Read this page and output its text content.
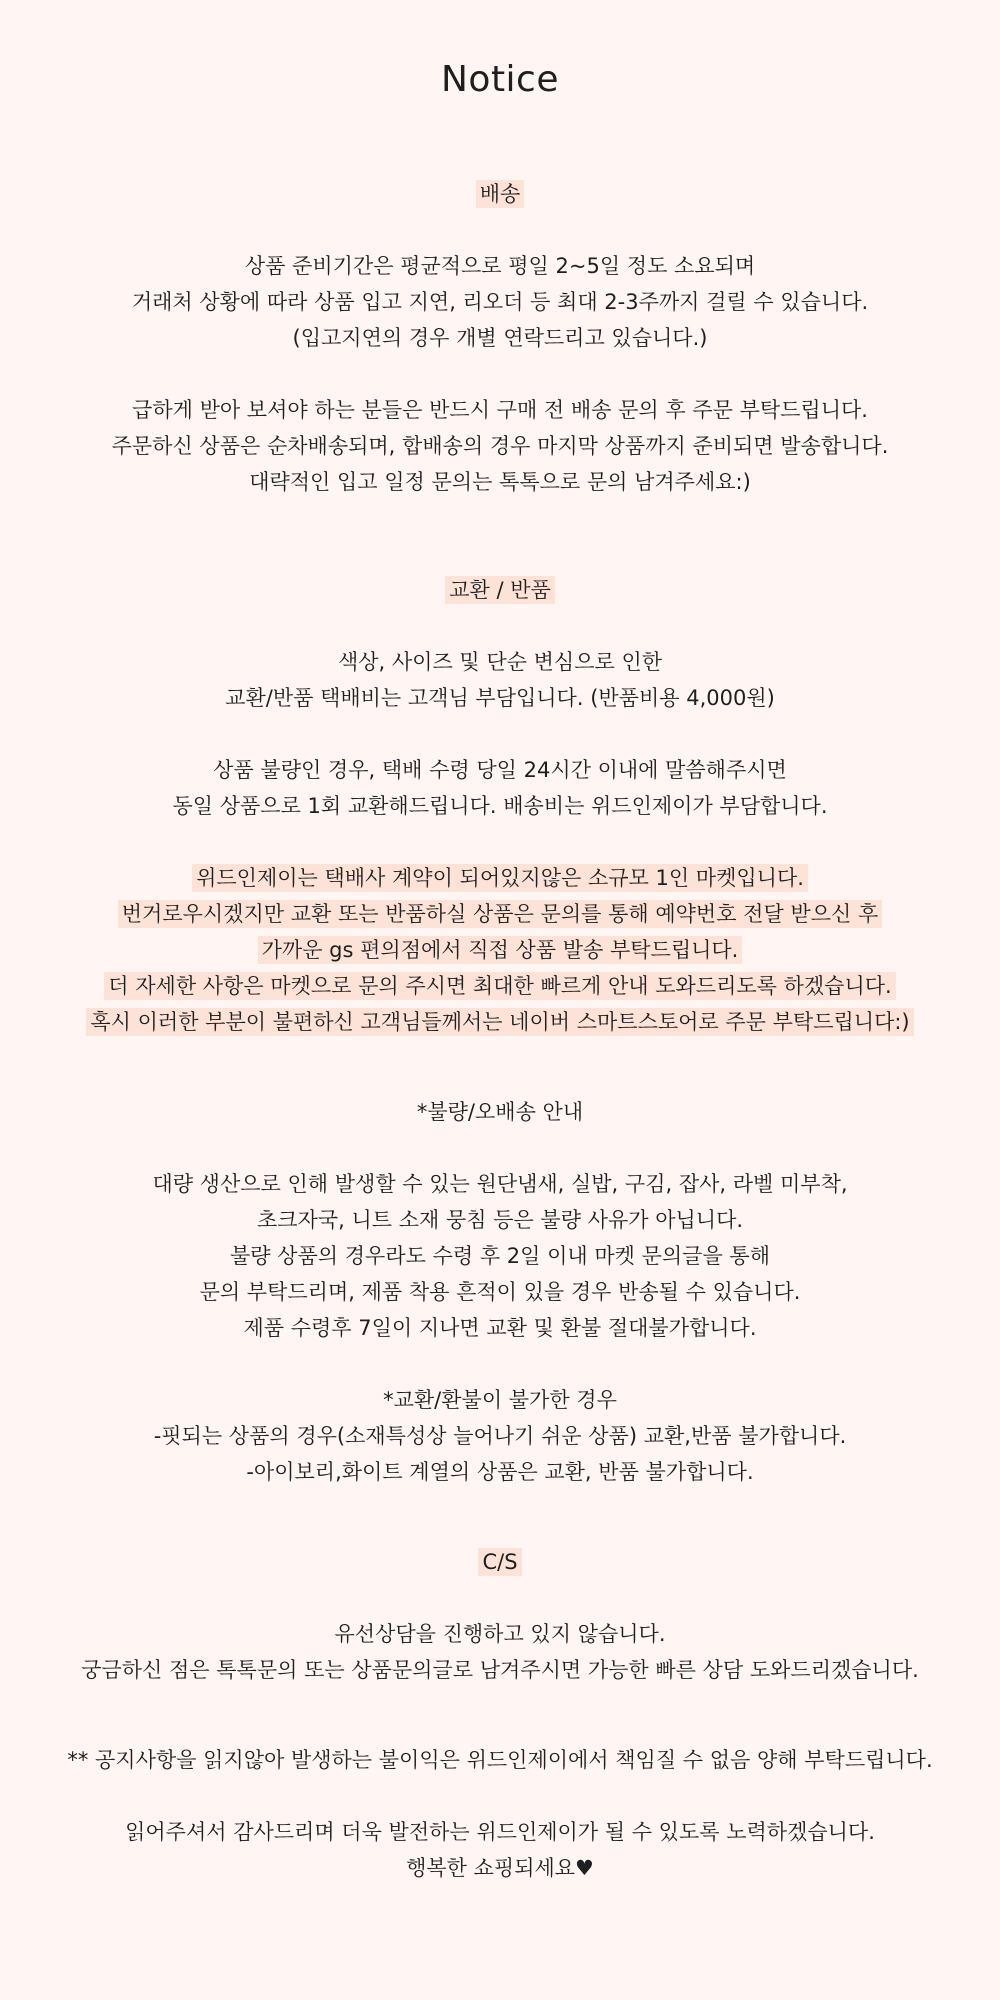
Notice

배송

상품 준비기간은 평균적으로 평일 2~5일 정도 소요되며

거래처 상황에 따라 상품 입고 지연, 리오더 등 최대 2-3주까지 걸릴 수 있습니다.

(입고지연의 경우 개별 연락드리고 있습니다.)

급하게 받아 보셔야 하는 분들은 반드시 구매 전 배송 문의 후 주문 부탁드립니다.

주문하신 상품은 순차배송되며, 합배송의 경우 마지막 상품까지 준비되면 발송합니다.

대략적인 입고 일정 문의는 톡톡으로 문의 남겨주세요:)

교환 / 반품

색상, 사이즈 및 단순 변심으로 인한

교환/반품 택배비는 고객님 부담입니다. (반품비용 4,000원)

상품 불량인 경우, 택배 수령 당일 24시간 이내에 말씀해주시면

동일 상품으로 1회 교환해드립니다. 배송비는 위드인제이가 부담합니다.

위드인제이는 택배사 계약이 되어있지않은 소규모 1인 마켓입니다.

번거로우시겠지만 교환 또는 반품하실 상품은 문의를 통해 예약번호 전달 받으신 후

가까운 gs 편의점에서 직접 상품 발송 부탁드립니다.

더 자세한 사항은 마켓으로 문의 주시면 최대한 빠르게 안내 도와드리도록 하겠습니다.

혹시 이러한 부분이 불편하신 고객님들께서는 네이버 스마트스토어로 주문 부탁드립니다:)

*불량/오배송 안내

대량 생산으로 인해 발생할 수 있는 원단냄새, 실밥, 구김, 잡사, 라벨 미부착,

초크자국, 니트 소재 뭉침 등은 불량 사유가 아닙니다.

불량 상품의 경우라도 수령 후 2일 이내 마켓 문의글을 통해

문의 부탁드리며, 제품 착용 흔적이 있을 경우 반송될 수 있습니다.

제품 수령후 7일이 지나면 교환 및 환불 절대불가합니다.

*교환/환불이 불가한 경우

-핏되는 상품의 경우(소재특성상 늘어나기 쉬운 상품) 교환,반품 불가합니다.

-아이보리,화이트 계열의 상품은 교환, 반품 불가합니다.

C/S

유선상담을 진행하고 있지 않습니다.

궁금하신 점은 톡톡문의 또는 상품문의글로 남겨주시면 가능한 빠른 상담 도와드리겠습니다.

** 공지사항을 읽지않아 발생하는 불이익은 위드인제이에서 책임질 수 없음 양해 부탁드립니다.

읽어주셔서 감사드리며 더욱 발전하는 위드인제이가 될 수 있도록 노력하겠습니다.

행복한 쇼핑되세요♥
